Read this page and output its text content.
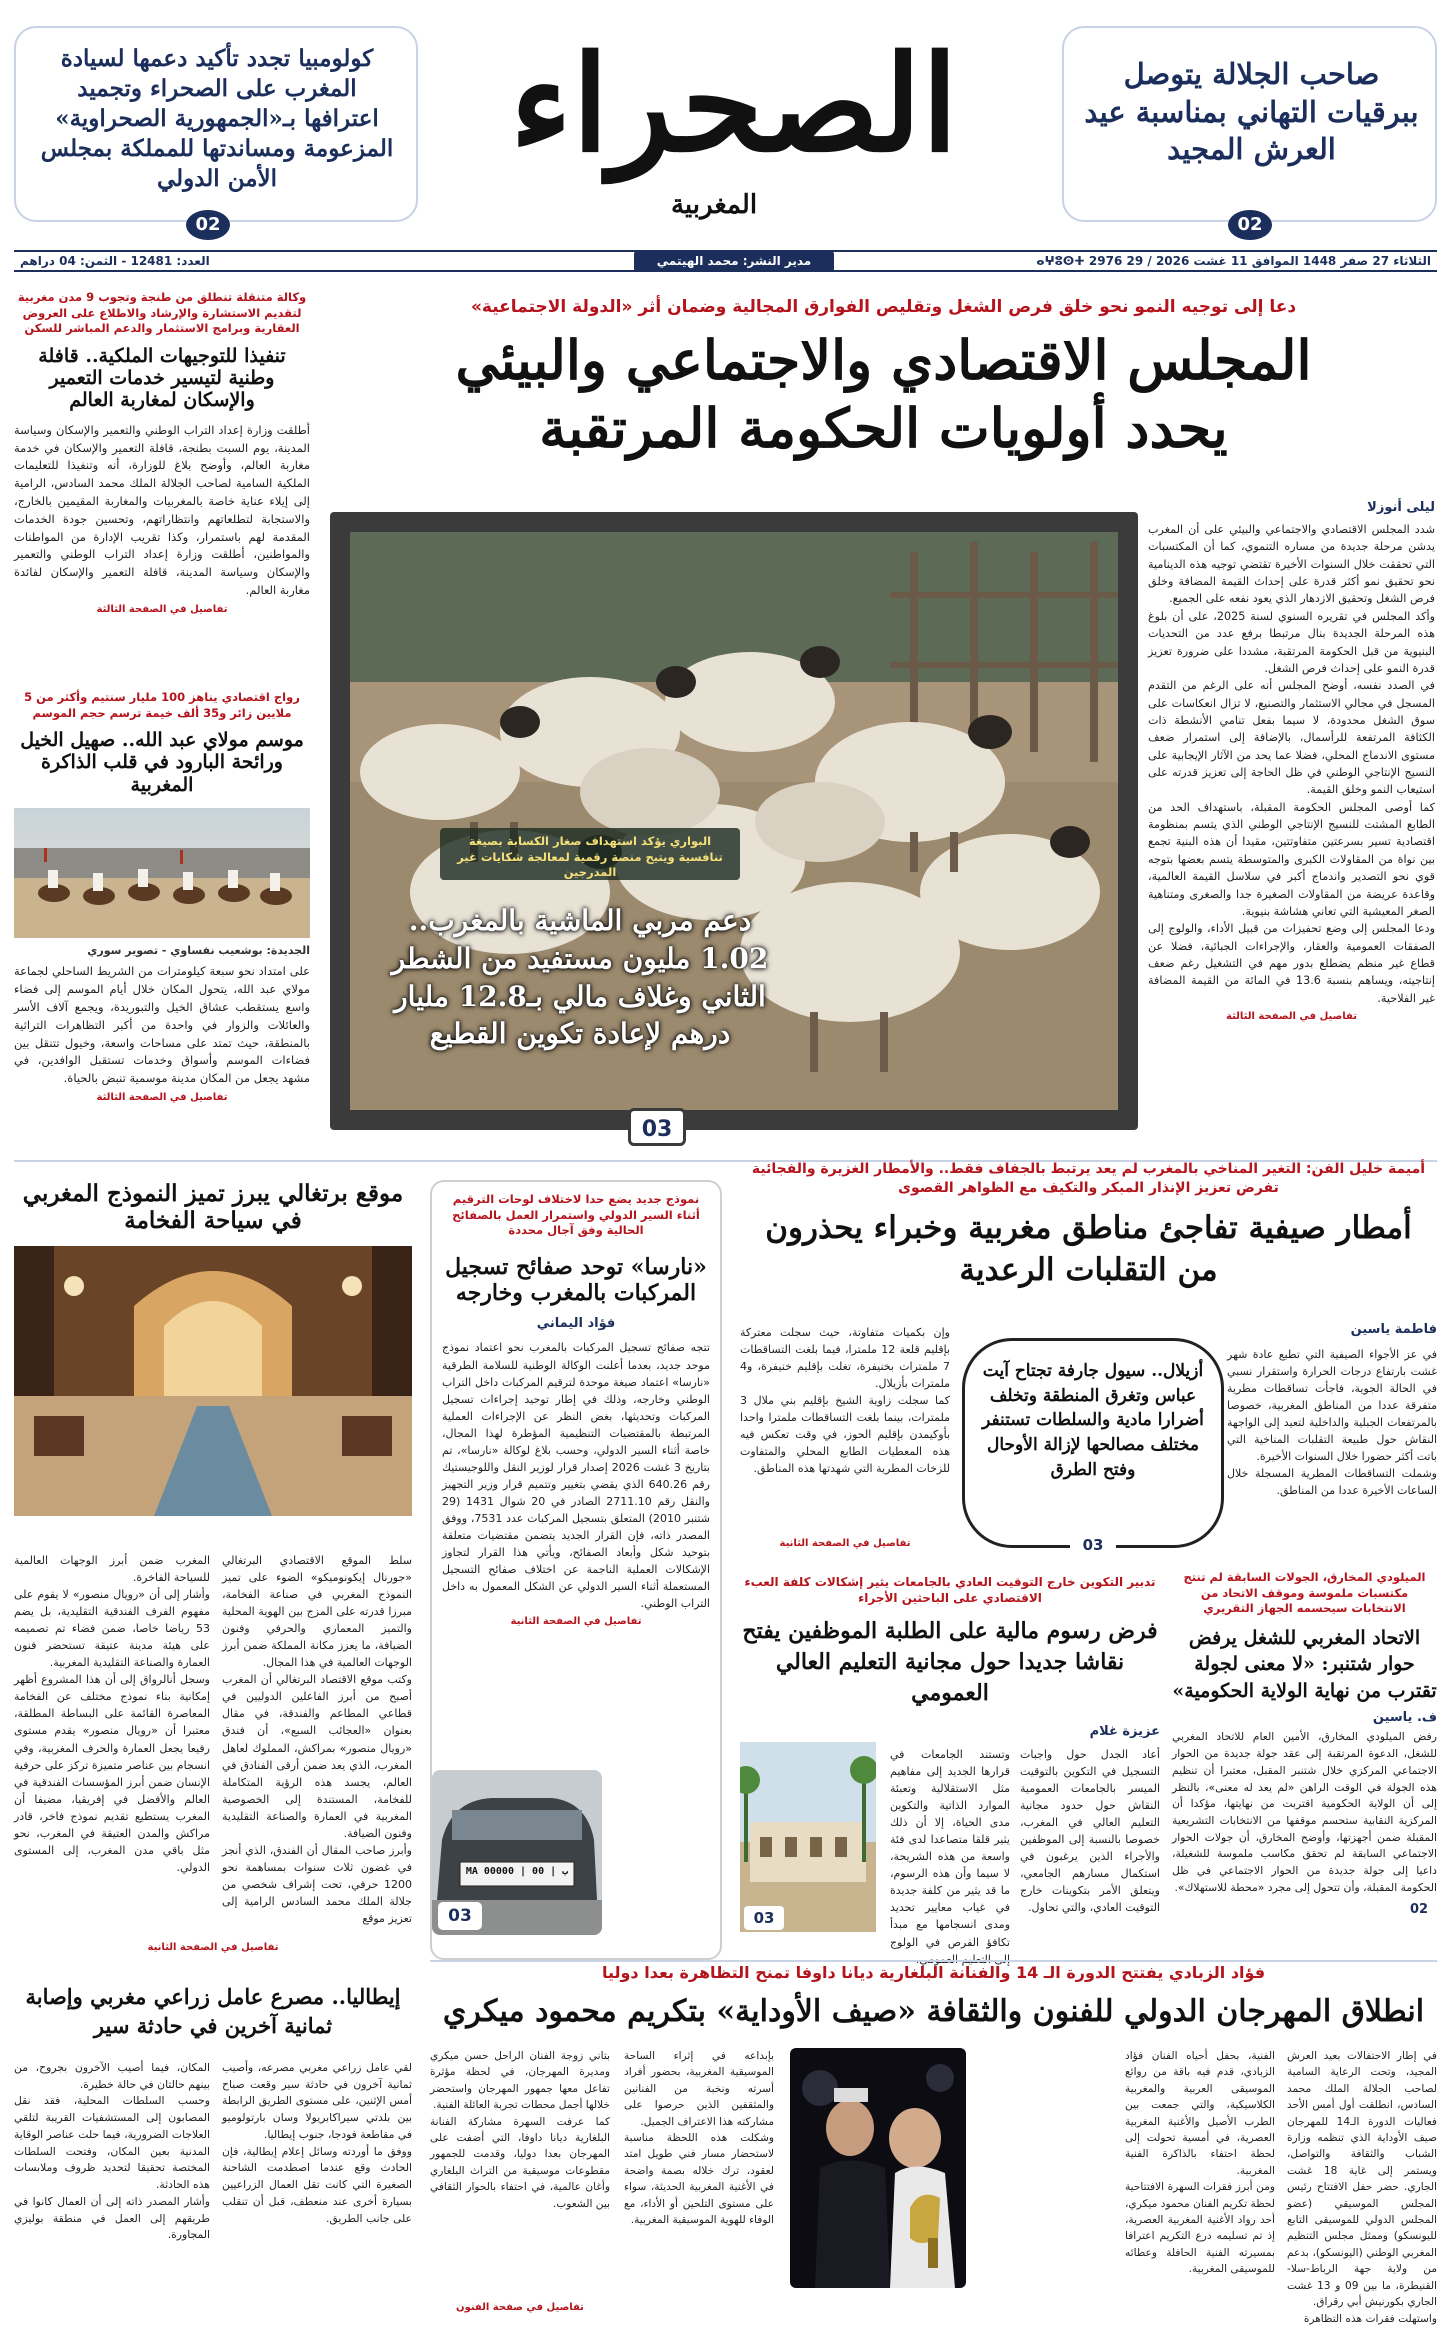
كولومبيا تجدد تأكيد دعمها لسيادة المغرب على الصحراء وتجميد اعترافها بـ«الجمهورية الصحراوية» المزعومة ومساندتها للمملكة بمجلس الأمن الدولي
02
الصحراء
المغربية
صاحب الجلالة يتوصل ببرقيات التهاني بمناسبة عيد العرش المجيد
02
الثلاثاء 27 صفر 1448 الموافق 11 غشت 2026 / 29 ⴰⵖⵓⵙⵜ 2976
مدير النشر: محمد الهيتمي
العدد: 12481 - الثمن: 04 دراهم
وكالة متنقلة تنطلق من طنجة وتجوب 9 مدن مغربية لتقديم الاستشارة والإرشاد والاطلاع على العروض العقارية وبرامج الاستثمار والدعم المباشر للسكن
تنفيذا للتوجيهات الملكية.. قافلة وطنية لتيسير خدمات التعمير والإسكان لمغاربة العالم
أطلقت وزارة إعداد التراب الوطني والتعمير والإسكان وسياسة المدينة، يوم السبت بطنجة، قافلة التعمير والإسكان في خدمة مغاربة العالم، وأوضح بلاغ للوزارة، أنه وتنفيذا للتعليمات الملكية السامية لصاحب الجلالة الملك محمد السادس، الرامية إلى إيلاء عناية خاصة بالمغربيات والمغاربة المقيمين بالخارج، والاستجابة لتطلعاتهم وانتظاراتهم، وتحسين جودة الخدمات المقدمة لهم باستمرار، وكذا تقريب الإدارة من المواطنات والمواطنين، أطلقت وزارة إعداد التراب الوطني والتعمير والإسكان وسياسة المدينة، قافلة التعمير والإسكان لفائدة مغاربة العالم.
تفاصيل في الصفحة الثالثة
رواج اقتصادي يناهز 100 مليار سنتيم وأكثر من 5 ملايين زائر و35 ألف خيمة ترسم حجم الموسم
موسم مولاي عبد الله.. صهيل الخيل ورائحة البارود في قلب الذاكرة المغربية
الجديدة: بوشعيب نفساوي - تصوير سوري
على امتداد نحو سبعة كيلومترات من الشريط الساحلي لجماعة مولاي عبد الله، يتحول المكان خلال أيام الموسم إلى فضاء واسع يستقطب عشاق الخيل والتبوريدة، ويجمع آلاف الأسر والعائلات والزوار في واحدة من أكبر التظاهرات التراثية بالمنطقة، حيث تمتد على مساحات واسعة، وخيول تتنقل بين فضاءات الموسم وأسواق وخدمات تستقبل الوافدين، في مشهد يجعل من المكان مدينة موسمية تنبض بالحياة.
تفاصيل في الصفحة الثالثة
دعا إلى توجيه النمو نحو خلق فرص الشغل وتقليص الفوارق المجالية وضمان أثر «الدولة الاجتماعية»
المجلس الاقتصادي والاجتماعي والبيئي
يحدد أولويات الحكومة المرتقبة
ليلى أنوزلا
شدد المجلس الاقتصادي والاجتماعي والبيئي على أن المغرب يدشن مرحلة جديدة من مساره التنموي، كما أن المكتسبات التي تحققت خلال السنوات الأخيرة تقتضي توجيه هذه الدينامية نحو تحقيق نمو أكثر قدرة على إحداث القيمة المضافة وخلق فرص الشغل وتحقيق الازدهار الذي يعود نفعه على الجميع.
وأكد المجلس في تقريره السنوي لسنة 2025، على أن بلوغ هذه المرحلة الجديدة بنال مرتبطا برفع عدد من التحديات البنيوية من قبل الحكومة المرتقبة، مشددا على ضرورة تعزيز قدرة النمو على إحداث فرص الشغل.
في الصدد نفسه، أوضح المجلس أنه على الرغم من التقدم المسجل في مجالي الاستثمار والتصنيع، لا تزال انعكاسات على سوق الشغل محدودة، لا سيما بفعل تنامي الأنشطة ذات الكثافة المرتفعة للرأسمال، بالإضافة إلى استمرار ضعف مستوى الاندماج المحلي، فضلا عما يحد من الآثار الإيجابية على النسيج الإنتاجي الوطني في ظل الحاجة إلى تعزيز قدرته على استيعاب النمو وخلق القيمة.
كما أوصى المجلس الحكومة المقبلة، باستهداف الحد من الطابع المشتت للنسيج الإنتاجي الوطني الذي يتسم بمنظومة اقتصادية تسير بسرعتين متفاوتتين، مقيدا أن هذه البنية تجمع بين نواة من المقاولات الكبرى والمتوسطة يتسم بعضها بتوجه قوي نحو التصدير واندماج أكبر في سلاسل القيمة العالمية، وقاعدة عريضة من المقاولات الصغيرة جدا والصغرى ومتناهية الصغر المعيشية التي تعاني هشاشة بنيوية.
ودعا المجلس إلى وضع تحفيزات من قبيل الأداء، والولوج إلى الصفقات العمومية والعقار، والإجراءات الجبائية، فضلا عن قطاع غير منظم يضطلع بدور مهم في التشغيل رغم ضعف إنتاجيته، ويساهم بنسبة 13.6 في المائة من القيمة المضافة غير الفلاحية.
تفاصيل في الصفحة الثالثة
البواري يؤكد استهداف صغار الكسابة بصيغة تنافسية ويتيح منصة رقمية لمعالجة شكايات غير المدرجين
دعم مربي الماشية بالمغرب.. 1.02 مليون مستفيد من الشطر الثاني وغلاف مالي بـ12.8 مليار درهم لإعادة تكوين القطيع
03
موقع برتغالي يبرز تميز النموذج المغربي في سياحة الفخامة
سلط الموقع الاقتصادي البرتغالي «جورنال إيكونوميكو» الضوء على تميز النموذج المغربي في صناعة الفخامة، مبرزا قدرته على المزج بين الهوية المحلية والتميز المعماري والحرفي وفنون الضيافة، ما يعزز مكانة المملكة ضمن أبرز الوجهات العالمية في هذا المجال.
وكتب موقع الاقتصاد البرتغالي أن المغرب أصبح من أبرز الفاعلين الدوليين في قطاعي المطاعم والفندقة، في مقال بعنوان «العجائب السبع»، أن فندق «رويال منصور» بمراكش، المملوك لعاهل المغرب، الذي يعد ضمن أرقى الفنادق في العالم، يجسد هذه الرؤية المتكاملة للفخامة، المستندة إلى الخصوصية المغربية في العمارة والصناعة التقليدية وفنون الضيافة.
وأبرز صاحب المقال أن الفندق، الذي أنجز في غضون ثلاث سنوات بمساهمة نحو 1200 حرفي، تحت إشراف شخصي من جلالة الملك محمد السادس الرامية إلى تعزيز موقع
المغرب ضمن أبرز الوجهات العالمية للسياحة الفاخرة.
وأشار إلى أن «رويال منصور» لا يقوم على مفهوم الفرف الفندقية التقليدية، بل يضم 53 رياضا خاصا، ضمن فضاء تم تصميمه على هيئة مدينة عتيقة تستحضر فنون العمارة والصناعة التقليدية المغربية.
وسجل أنالرواق إلى أن هذا المشروع أظهر إمكانية بناء نموذج مختلف عن الفخامة المعاصرة القائمة على البساطة المطلقة، معتبرا أن «رويال منصور» يقدم مستوى رفيعا يجعل العمارة والحرف المغربية، وفي انسجام بين عناصر متميزة تركز على حرفية الإنسان ضمن أبرز المؤسسات الفندقية في العالم والأفضل في إفريقيا، مضيفا أن المغرب يستطيع تقديم نموذج فاخر، قادر مراكش والمدن العتيقة في المغرب، نحو مثل باقي مدن المغرب، إلى المستوى الدولي.
تفاصيل في الصفحة الثانية
نموذج جديد يضع حدا لاختلاف لوحات الترقيم أثناء السير الدولي واستمرار العمل بالصفائح الحالية وفق آجال محددة
«نارسا» توحد صفائح تسجيل المركبات بالمغرب وخارجه
فؤاد اليماني
تتجه صفائح تسجيل المركبات بالمغرب نحو اعتماد نموذج موحد جديد، بعدما أعلنت الوكالة الوطنية للسلامة الطرقية «نارسا» اعتماد صيغة موحدة لترقيم المركبات داخل التراب الوطني وخارجه، وذلك في إطار توحيد إجراءات تسجيل المركبات وتحديثها، بغض النظر عن الإجراءات العملية المرتبطة بالمقتضيات التنظيمية المؤطرة لهذا المجال، خاصة أثناء السير الدولي، وحسب بلاغ لوكالة «نارسا»، تم بتاريخ 3 غشت 2026 إصدار قرار لوزير النقل واللوجيستيك رقم 640.26 الذي يقضي بتغيير وتتميم قرار وزير التجهيز والنقل رقم 2711.10 الصادر في 20 شوال 1431 (29 شتنبر 2010) المتعلق بتسجيل المركبات عدد 7531، ووفق المصدر ذاته، فإن القرار الجديد يتضمن مقتضيات متعلقة بتوحيد شكل وأبعاد الصفائح، ويأتي هذا القرار لتجاوز الإشكالات العملية الناجمة عن اختلاف صفائح التسجيل المستعملة أثناء السير الدولي عن الشكل المعمول به داخل التراب الوطني.
تفاصيل في الصفحة الثانية
MA 00000 | ب | 00
03
أميمة خليل الفن: التغير المناخي بالمغرب لم يعد يرتبط بالجفاف فقط.. والأمطار الغزيرة والفجائية تفرض تعزيز الإنذار المبكر والتكيف مع الظواهر القصوى
أمطار صيفية تفاجئ مناطق مغربية وخبراء يحذرون من التقلبات الرعدية
فاطمة ياسين
في عز الأجواء الصيفية التي تطبع عادة شهر غشت بارتفاع درجات الحرارة واستقرار نسبي في الحالة الجوية، فاجأت تساقطات مطرية متفرقة عددا من المناطق المغربية، خصوصا بالمرتفعات الجبلية والداخلية لتعيد إلى الواجهة النقاش حول طبيعة التقلبات المناخية التي باتت أكثر حضورا خلال السنوات الأخيرة.
وشملت التساقطات المطرية المسجلة خلال الساعات الأخيرة عددا من المناطق.
وإن بكميات متفاوتة، حيث سجلت معتركة بإقليم قلعة 12 ملمترا، فيما بلغت التساقطات 7 ملمترات بخنيفرة، تغلت بإقليم خنيفرة، و4 ملمترات بأزيلال.
كما سجلت زاوية الشيخ بإقليم بني ملال 3 ملمترات، بينما بلغت التساقطات ملمترا واحدا بأوكيمدن بإقليم الحوز، في وقت تعكس فيه هذه المعطيات الطابع المحلي والمتفاوت للزخات المطرية التي شهدتها هذه المناطق.
تفاصيل في الصفحة الثانية
أزيلال.. سيول جارفة تجتاح آيت عباس وتغرق المنطقة وتخلف أضرارا مادية والسلطات تستنفر مختلف مصالحها لإزالة الأوحال وفتح الطرق
03
تدبير التكوين خارج التوقيت العادي بالجامعات يثير إشكالات كلفة العبء الاقتصادي على الباحثين الأجراء
فرض رسوم مالية على الطلبة الموظفين يفتح نقاشا جديدا حول مجانية التعليم العالي العمومي
عزيزة غلام
أعاد الجدل حول واجبات التسجيل في التكوين بالتوقيت الميسر بالجامعات العمومية النقاش حول حدود مجانية التعليم العالي في المغرب، خصوصا بالنسبة إلى الموظفين والأجراء الذين يرغبون في استكمال مسارهم الجامعي، ويتعلق الأمر بتكوينات خارج التوقيت العادي، والتي تحاول.
وتستند الجامعات في قرارها الجديد إلى مفاهيم مثل الاستقلالية وتعبئة الموارد الذاتية والتكوين مدى الحياة، إلا أن ذلك يثير قلقا متصاعدا لدى فئة واسعة من هذه الشريحة، لا سيما وأن هذه الرسوم، ما قد يثير من كلفة جديدة في غياب معايير تحديد ومدى انسجامها مع مبدأ تكافؤ الفرص في الولوج
03
الميلودي المخارق، الجولات السابقة لم تنتج مكتسبات ملموسة وموقف الاتحاد من الانتخابات سيحسمه الجهاز التقريري
الاتحاد المغربي للشغل يرفض حوار شتنبر: «لا معنى لجولة تقترب من نهاية الولاية الحكومية»
ف. ياسين
رفض الميلودي المخارق، الأمين العام للاتحاد المغربي للشغل، الدعوة المرتقبة إلى عقد جولة جديدة من الحوار الاجتماعي المركزي خلال شتنبر المقبل، معتبرا أن تنظيم هذه الجولة في الوقت الراهن «لم يعد له معنى»، بالنظر إلى أن الولاية الحكومية اقتربت من نهايتها، مؤكدا أن المركزية النقابية ستحسم موقفها من الانتخابات التشريعية المقبلة ضمن أجهزتها، وأوضح المخارق، أن جولات الحوار الاجتماعي السابقة لم تحقق مكاسب ملموسة للشغيلة، داعيا إلى جولة جديدة من الحوار الاجتماعي في ظل الحكومة المقبلة، وأن تتحول إلى مجرد «محطة للاستهلاك».
02
فؤاد الزبادي يفتتح الدورة الـ 14 والفنانة البلغارية ديانا داوفا تمنح التظاهرة بعدا دوليا
انطلاق المهرجان الدولي للفنون والثقافة «صيف الأوداية» بتكريم محمود ميكري
في إطار الاحتفالات بعيد العرش المجيد، وتحت الرعاية السامية لصاحب الجلالة الملك محمد السادس، انطلقت أول أمس الأحد فعاليات الدورة الـ14 للمهرجان صيف الأوداية الذي تنظمه وزارة الشباب والثقافة والتواصل، ويستمر إلى غاية 18 غشت الجاري. حضر حفل الافتتاح رئيس المجلس الموسيقي (عضو المجلس الدولي للموسيقى التابع لليونسكو) وممثل مجلس التنظيم المغربي الوطني (اليونسكو)، بدعم من ولاية جهة الرباط-سلا-القنيطرة، ما بين 09 و 13 غشت الجاري بكورنيش أبي رقراق.
واستهلت فقرات هذه التظاهرة
الفنية، بحفل أحياه الفنان فؤاد الزبادي، قدم فيه باقة من روائع الموسيقى العربية والمغربية الكلاسيكية، والتي جمعت بين الطرب الأصيل والأغنية المغربية العصرية، في أمسية تحولت إلى لحظة احتفاء بالذاكرة الفنية المغربية.
ومن أبرز فقرات السهرة الافتتاحية لحظة تكريم الفنان محمود ميكري، أحد رواد الأغنية المغربية العصرية، إذ تم تسليمه درع التكريم اعترافا بمسيرته الفنية الحافلة وعطائه للموسيقى المغربية.
بإبداعه في إثراء الساحة الموسيقية المغربية، بحضور أفراد أسرته ونخبة من الفنانين والمثقفين الذين حرصوا على مشاركته هذا الاعتراف الجميل.
وشكلت هذه اللحظة مناسبة لاستحضار مسار فني طويل امتد لعقود، ترك خلاله بصمة واضحة في الأغنية المغربية الحديثة، سواء على مستوى التلحين أو الأداء، مع الوفاء للهوية الموسيقية المغربية.
بتاني زوجة الفنان الراحل حسن ميكري ومديرة المهرجان، في لحظة مؤثرة تفاعل معها جمهور المهرجان واستحضر خلالها أجمل محطات تجربة العائلة الفنية.
كما عرفت السهرة مشاركة الفنانة البلغارية ديانا داوفا، التي أضفت على المهرجان بعدا دوليا، وقدمت للجمهور مقطوعات موسيقية من التراث البلغاري وأغان عالمية، في احتفاء بالحوار الثقافي بين الشعوب.
تفاصيل في صفحة الفنون
إيطاليا.. مصرع عامل زراعي مغربي وإصابة ثمانية آخرين في حادثة سير
لقي عامل زراعي مغربي مصرعه، وأصيب ثمانية آخرون في حادثة سير وقعت صباح أمس الإثنين، على مستوى الطريق الرابطة بين بلدتي سيراكابريولا وسان بارتولوميو في مقاطعة فودجا، جنوب إيطاليا.
ووفق ما أوردته وسائل إعلام إيطالية، فإن الحادث وقع عندما اصطدمت الشاحنة الصغيرة التي كانت تقل العمال الزراعيين بسيارة أخرى عند منعطف، قبل أن تنقلب على جانب الطريق.
المكان، فيما أصيب الآخرون بجروح، من بينهم حالتان في حالة خطيرة.
وحسب السلطات المحلية، فقد نقل المصابون إلى المستشفيات القريبة لتلقي العلاجات الضرورية، فيما حلت عناصر الوقاية المدنية بعين المكان، وفتحت السلطات المختصة تحقيقا لتحديد ظروف وملابسات هذه الحادثة.
وأشار المصدر ذاته إلى أن العمال كانوا في طريقهم إلى العمل في منطقة بوليزي المجاورة.
